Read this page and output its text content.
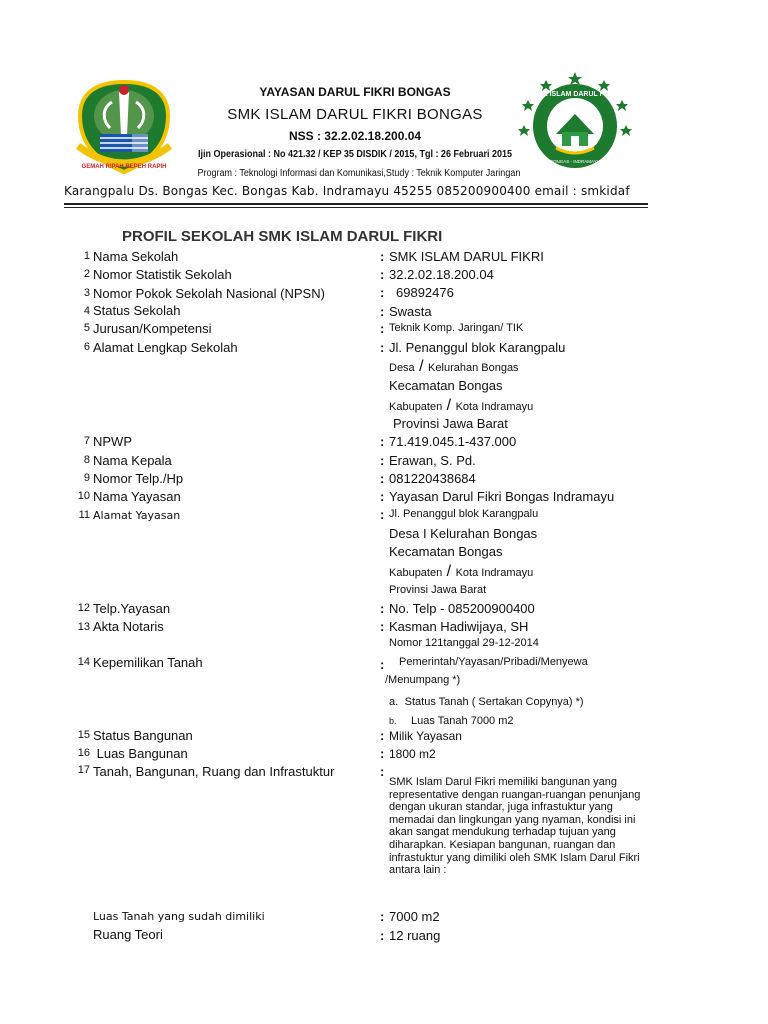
GEMAH RIPAH REPEH RAPIH
SMK ISLAM DARUL FIKRI
BONGAS - INDRAMAYU
YAYASAN DARUL FIKRI BONGAS
SMK ISLAM DARUL FIKRI BONGAS
NSS : 32.2.02.18.200.04
Ijin Operasional : No 421.32 / KEP 35 DISDIK / 2015, Tgl : 26 Februari 2015
Program : Teknologi Informasi dan Komunikasi,Study : Teknik Komputer Jaringan
Karangpalu Ds. Bongas Kec. Bongas Kab. Indramayu 45255 085200900400 email : smkidaf
PROFIL SEKOLAH SMK ISLAM DARUL FIKRI
1 Nama Sekolah	: SMK ISLAM DARUL FIKRI
2 Nomor Statistik Sekolah	: 32.2.02.18.200.04
3 Nomor Pokok Sekolah Nasional (NPSN)	: 69892476
4 Status Sekolah	: Swasta
5 Jurusan/Kompetensi	: Teknik Komp. Jaringan/ TIK
6 Alamat Lengkap Sekolah	: Jl. Penanggul blok Karangpalu
Desa / Kelurahan Bongas
Kecamatan Bongas
Kabupaten / Kota Indramayu
Provinsi Jawa Barat
7 NPWP	: 71.419.045.1-437.000
8 Nama Kepala	: Erawan, S. Pd.
9 Nomor Telp./Hp	: 081220438684
10 Nama Yayasan	: Yayasan Darul Fikri Bongas Indramayu
11 Alamat Yayasan	: Jl. Penanggul blok Karangpalu
Desa I Kelurahan Bongas
Kecamatan Bongas
Kabupaten / Kota Indramayu
Provinsi Jawa Barat
12 Telp.Yayasan	: No. Telp - 085200900400
13 Akta Notaris	: Kasman Hadiwijaya, SH
Nomor 121tanggal 29-12-2014
14 Kepemilikan Tanah	: Pemerintah/Yayasan/Pribadi/Menyewa
/Menumpang *)
a. Status Tanah ( Sertakan Copynya) *)
b. Luas Tanah 7000 m2
15 Status Bangunan	: Milik Yayasan
16 Luas Bangunan	: 1800 m2
17 Tanah, Bangunan, Ruang dan Infrastuktur	:
SMK Islam Darul Fikri memiliki bangunan yang representative dengan ruangan-ruangan penunjang dengan ukuran standar, juga infrastuktur yang memadai dan lingkungan yang nyaman, kondisi ini akan sangat mendukung terhadap tujuan yang diharapkan. Kesiapan bangunan, ruangan dan infrastuktur yang dimiliki oleh SMK Islam Darul Fikri antara lain :
Luas Tanah yang sudah dimiliki	: 7000 m2
Ruang Teori	: 12 ruang
